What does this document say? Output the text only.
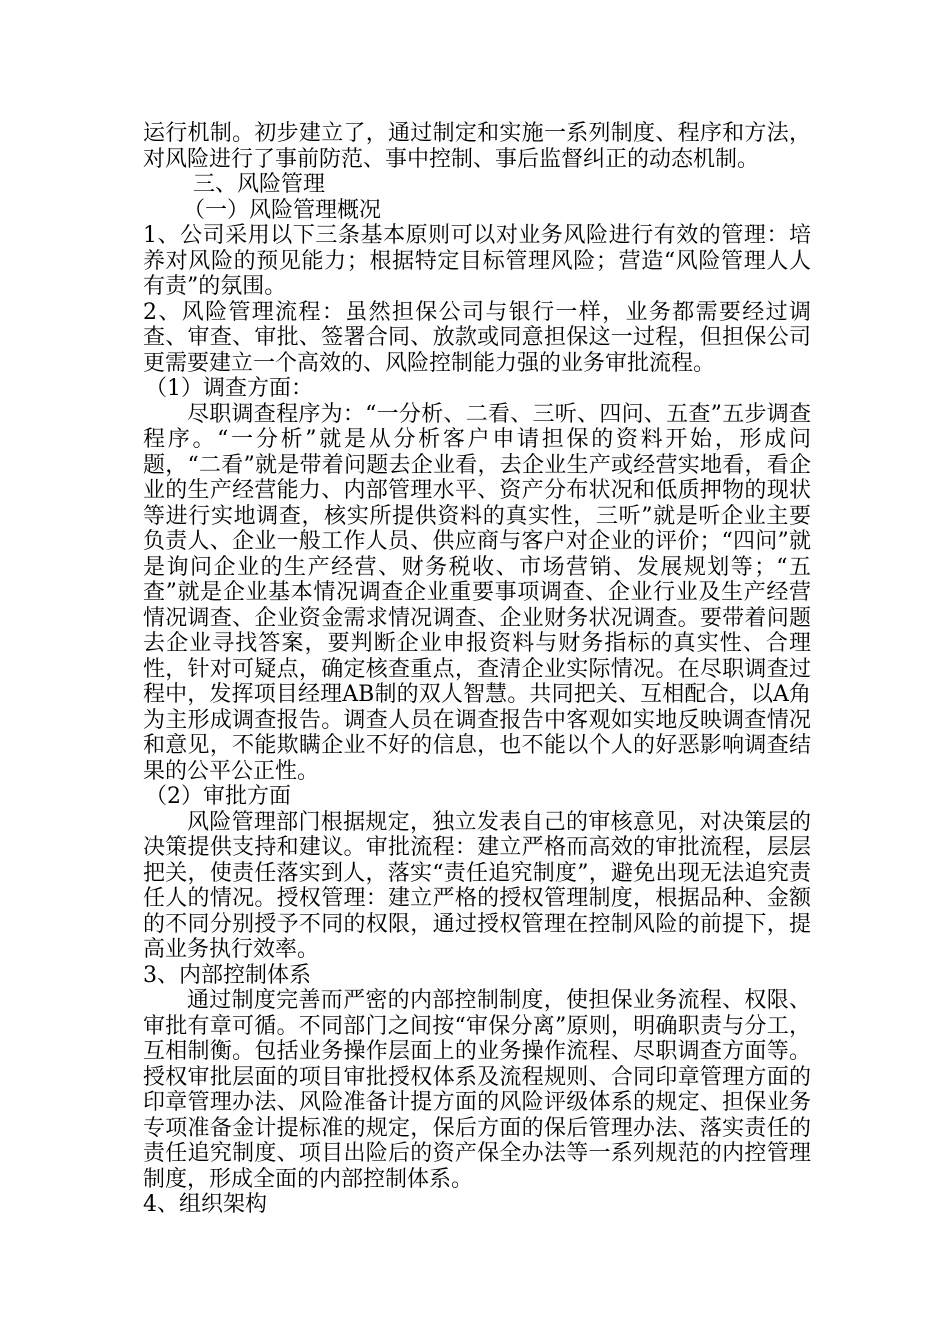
运行机制。初步建立了，通过制定和实施一系列制度、程序和方法，对风险进行了事前防范、事中控制、事后监督纠正的动态机制。

三、风险管理

（一）风险管理概况

1、公司采用以下三条基本原则可以对业务风险进行有效的管理：培养对风险的预见能力；根据特定目标管理风险；营造“风险管理人人有责”的氛围。

2、风险管理流程：虽然担保公司与银行一样，业务都需要经过调查、审查、审批、签署合同、放款或同意担保这一过程，但担保公司更需要建立一个高效的、风险控制能力强的业务审批流程。

（1）调查方面：

尽职调查程序为：“一分析、二看、三听、四问、五查”五步调查程序。“一分析”就是从分析客户申请担保的资料开始，形成问题，“二看”就是带着问题去企业看，去企业生产或经营实地看，看企业的生产经营能力、内部管理水平、资产分布状况和低质押物的现状等进行实地调查，核实所提供资料的真实性，三听”就是听企业主要负责人、企业一般工作人员、供应商与客户对企业的评价；“四问”就是询问企业的生产经营、财务税收、市场营销、发展规划等；“五查”就是企业基本情况调查企业重要事项调查、企业行业及生产经营情况调查、企业资金需求情况调查、企业财务状况调查。要带着问题去企业寻找答案，要判断企业申报资料与财务指标的真实性、合理性，针对可疑点，确定核查重点，查清企业实际情况。在尽职调查过程中，发挥项目经理AB制的双人智慧。共同把关、互相配合，以A角为主形成调查报告。调查人员在调查报告中客观如实地反映调查情况和意见，不能欺瞒企业不好的信息，也不能以个人的好恶影响调查结果的公平公正性。

（2）审批方面

风险管理部门根据规定，独立发表自己的审核意见，对决策层的决策提供支持和建议。审批流程：建立严格而高效的审批流程，层层把关，使责任落实到人，落实“责任追究制度”，避免出现无法追究责任人的情况。授权管理：建立严格的授权管理制度，根据品种、金额的不同分别授予不同的权限，通过授权管理在控制风险的前提下，提高业务执行效率。

3、内部控制体系

通过制度完善而严密的内部控制制度，使担保业务流程、权限、审批有章可循。不同部门之间按“审保分离”原则，明确职责与分工，互相制衡。包括业务操作层面上的业务操作流程、尽职调查方面等。授权审批层面的项目审批授权体系及流程规则、合同印章管理方面的印章管理办法、风险准备计提方面的风险评级体系的规定、担保业务专项准备金计提标准的规定，保后方面的保后管理办法、落实责任的责任追究制度、项目出险后的资产保全办法等一系列规范的内控管理制度，形成全面的内部控制体系。

4、组织架构
